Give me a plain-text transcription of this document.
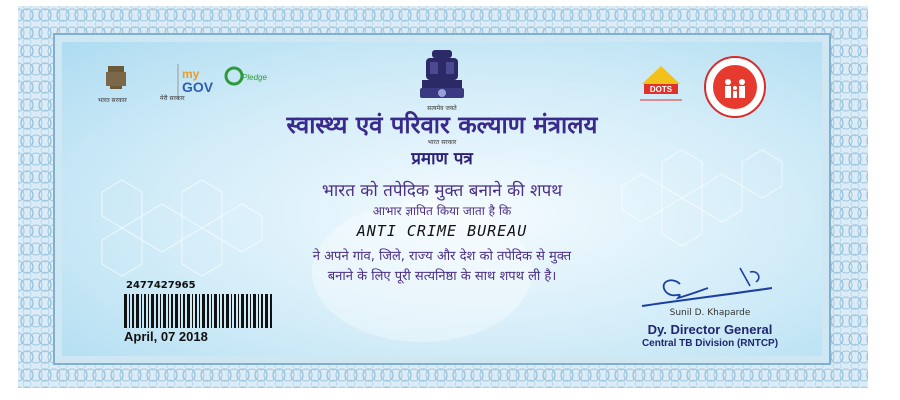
भारत सरकार
my
GOV
Pledge
मेरी सरकार
सत्यमेव जयते
DOTS
स्वास्थ्य एवं परिवार कल्याण मंत्रालय
भारत सरकार
प्रमाण पत्र
भारत को तपेदिक मुक्त बनाने की शपथ
आभार ज्ञापित किया जाता है कि
ANTI CRIME BUREAU
ने अपने गांव, जिले, राज्य और देश को तपेदिक से मुक्त
बनाने के लिए पूरी सत्यनिष्ठा के साथ शपथ ली है।
2477427965
April, 07 2018
Sunil D. Khaparde
Dy. Director General
Central TB Division (RNTCP)
